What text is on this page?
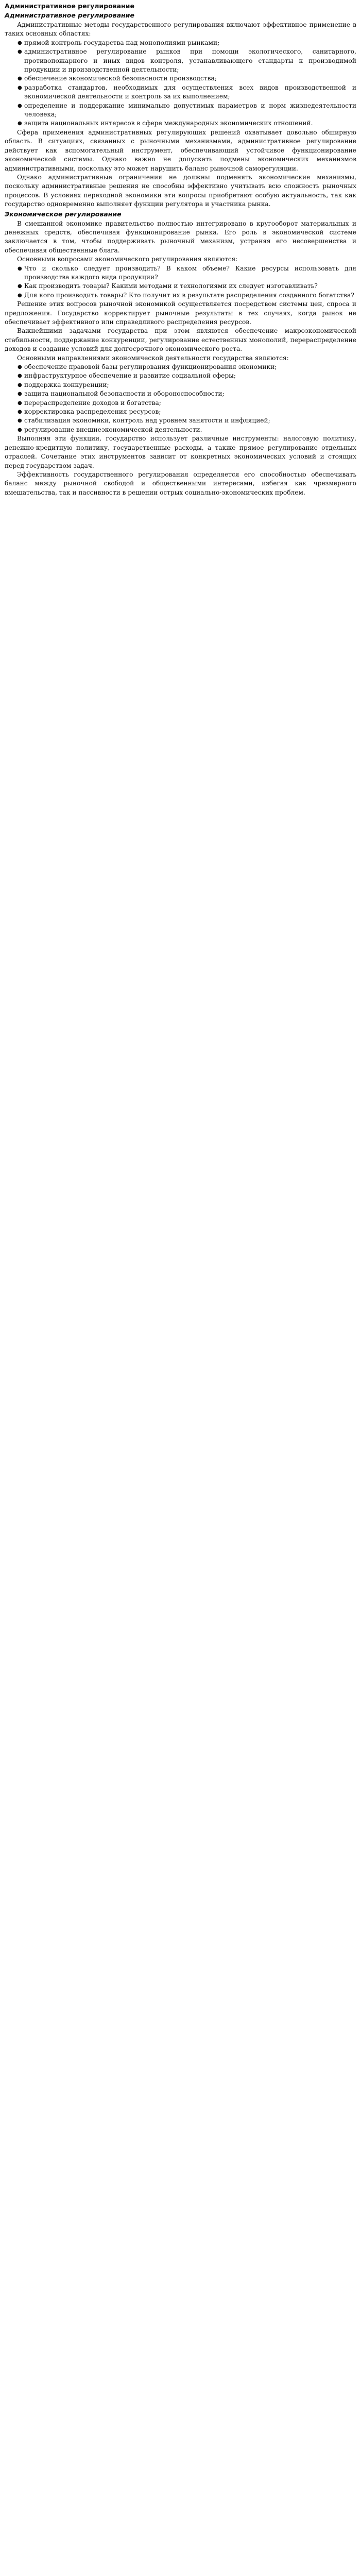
Административное регулирование
Административное регулирование

Административные методы государственного регулирования включают эффективное применение в таких основных областях:

● прямой контроль государства над монополиями рынками;
● административное регулирование рынков при помощи экологического, санитарного, противопожарного и иных видов контроля, устанавливающего стандарты к производимой продукции и производственной деятельности;
● обеспечение экономической безопасности производства;
● разработка стандартов, необходимых для осуществления всех видов производственной и экономической деятельности и контроль за их выполнением;
● определение и поддержание минимально допустимых параметров и норм жизнедеятельности человека;
● защита национальных интересов в сфере международных экономических отношений.

Сфера применения административных регулирующих решений охватывает довольно обширную область. В ситуациях, связанных с рыночными механизмами, административное регулирование действует как вспомогательный инструмент, обеспечивающий устойчивое функционирование экономической системы. Однако важно не допускать подмены экономических механизмов административными, поскольку это может нарушить баланс рыночной саморегуляции.

Однако административные ограничения не должны подменять экономические механизмы, поскольку административные решения не способны эффективно учитывать всю сложность рыночных процессов. В условиях переходной экономики эти вопросы приобретают особую актуальность, так как государство одновременно выполняет функции регулятора и участника рынка.

Экономическое регулирование

В смешанной экономике правительство полностью интегрировано в кругооборот материальных и денежных средств, обеспечивая функционирование рынка. Его роль в экономической системе заключается в том, чтобы поддерживать рыночный механизм, устраняя его несовершенства и обеспечивая общественные блага.

Основными вопросами экономического регулирования являются:

● Что и сколько следует производить? В каком объеме? Какие ресурсы использовать для производства каждого вида продукции?
● Как производить товары? Какими методами и технологиями их следует изготавливать?
● Для кого производить товары? Кто получит их в результате распределения созданного богатства?

Решение этих вопросов рыночной экономикой осуществляется посредством системы цен, спроса и предложения. Государство корректирует рыночные результаты в тех случаях, когда рынок не обеспечивает эффективного или справедливого распределения ресурсов.

Важнейшими задачами государства при этом являются обеспечение макроэкономической стабильности, поддержание конкуренции, регулирование естественных монополий, перераспределение доходов и создание условий для долгосрочного экономического роста.

Основными направлениями экономической деятельности государства являются:

● обеспечение правовой базы регулирования функционирования экономики;
● инфраструктурное обеспечение и развитие социальной сферы;
● поддержка конкуренции;
● защита национальной безопасности и обороноспособности;
● перераспределение доходов и богатства;
● корректировка распределения ресурсов;
● стабилизация экономики, контроль над уровнем занятости и инфляцией;
● регулирование внешнеэкономической деятельности.

Выполняя эти функции, государство использует различные инструменты: налоговую политику, денежно-кредитную политику, государственные расходы, а также прямое регулирование отдельных отраслей. Сочетание этих инструментов зависит от конкретных экономических условий и стоящих перед государством задач.

Эффективность государственного регулирования определяется его способностью обеспечивать баланс между рыночной свободой и общественными интересами, избегая как чрезмерного вмешательства, так и пассивности в решении острых социально-экономических проблем.
